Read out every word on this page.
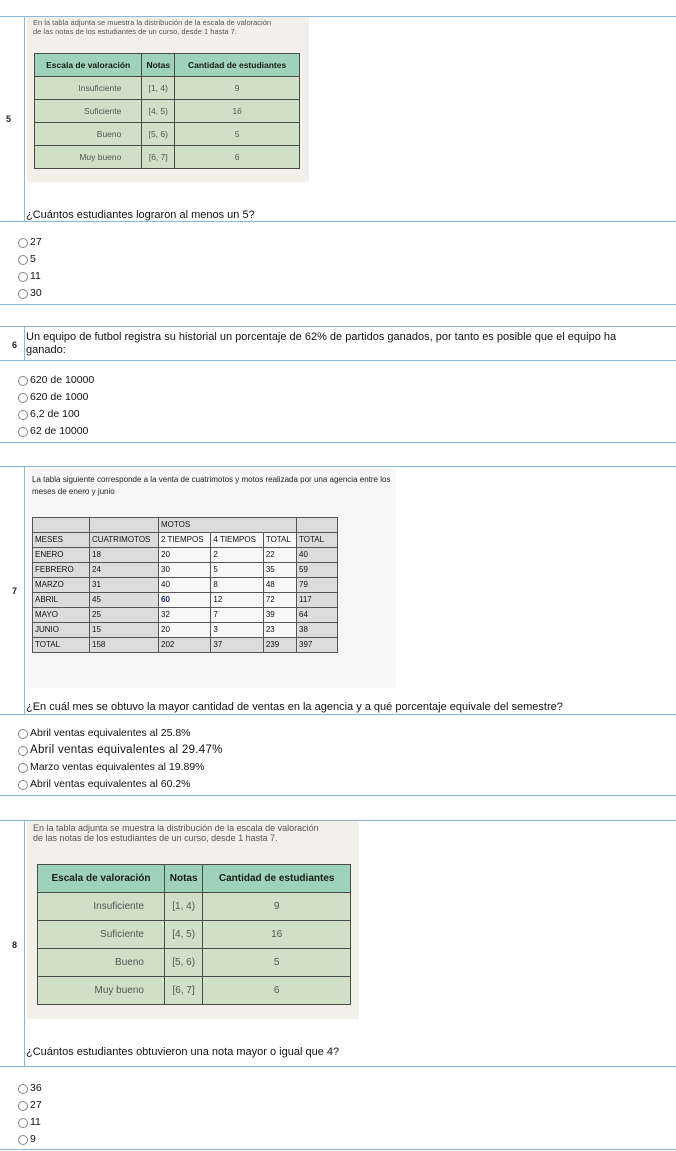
5
En la tabla adjunta se muestra la distribución de la escala de valoración
de las notas de los estudiantes de un curso, desde 1 hasta 7.
Escala de valoración	Notas	Cantidad de estudiantes
Insuficiente	[1, 4)	9
Suficiente	[4, 5)	16
Bueno	[5, 6)	5
Muy bueno	[6, 7]	6
¿Cuántos estudiantes lograron al menos un 5?
27
5
11
30
6
Un equipo de futbol registra su historial un porcentaje de 62% de partidos ganados, por tanto es posible que el equipo ha
ganado:
620 de 10000
620 de 1000
6,2 de 100
62 de 10000
7
La tabla siguiente corresponde a la venta de cuatrimotos y motos realizada por una agencia entre los
meses de enero y junio
		MOTOS			
MESES	CUATRIMOTOS	2 TIEMPOS	4 TIEMPOS	TOTAL	TOTAL
ENERO	18	20	2	22	40
FEBRERO	24	30	5	35	59
MARZO	31	40	8	48	79
ABRIL	45	60	12	72	117
MAYO	25	32	7	39	64
JUNIO	15	20	3	23	38
TOTAL	158	202	37	239	397
¿En cuál mes se obtuvo la mayor cantidad de ventas en la agencia y a qué porcentaje equivale del semestre?
Abril ventas equivalentes al 25.8%
Abril ventas equivalentes al 29.47%
Marzo ventas equivalentes al 19.89%
Abril ventas equivalentes al 60.2%
8
En la tabla adjunta se muestra la distribución de la escala de valoración
de las notas de los estudiantes de un curso, desde 1 hasta 7.
Escala de valoración	Notas	Cantidad de estudiantes
Insuficiente	[1, 4)	9
Suficiente	[4, 5)	16
Bueno	[5, 6)	5
Muy bueno	[6, 7]	6
¿Cuántos estudiantes obtuvieron una nota mayor o igual que 4?
36
27
11
9
